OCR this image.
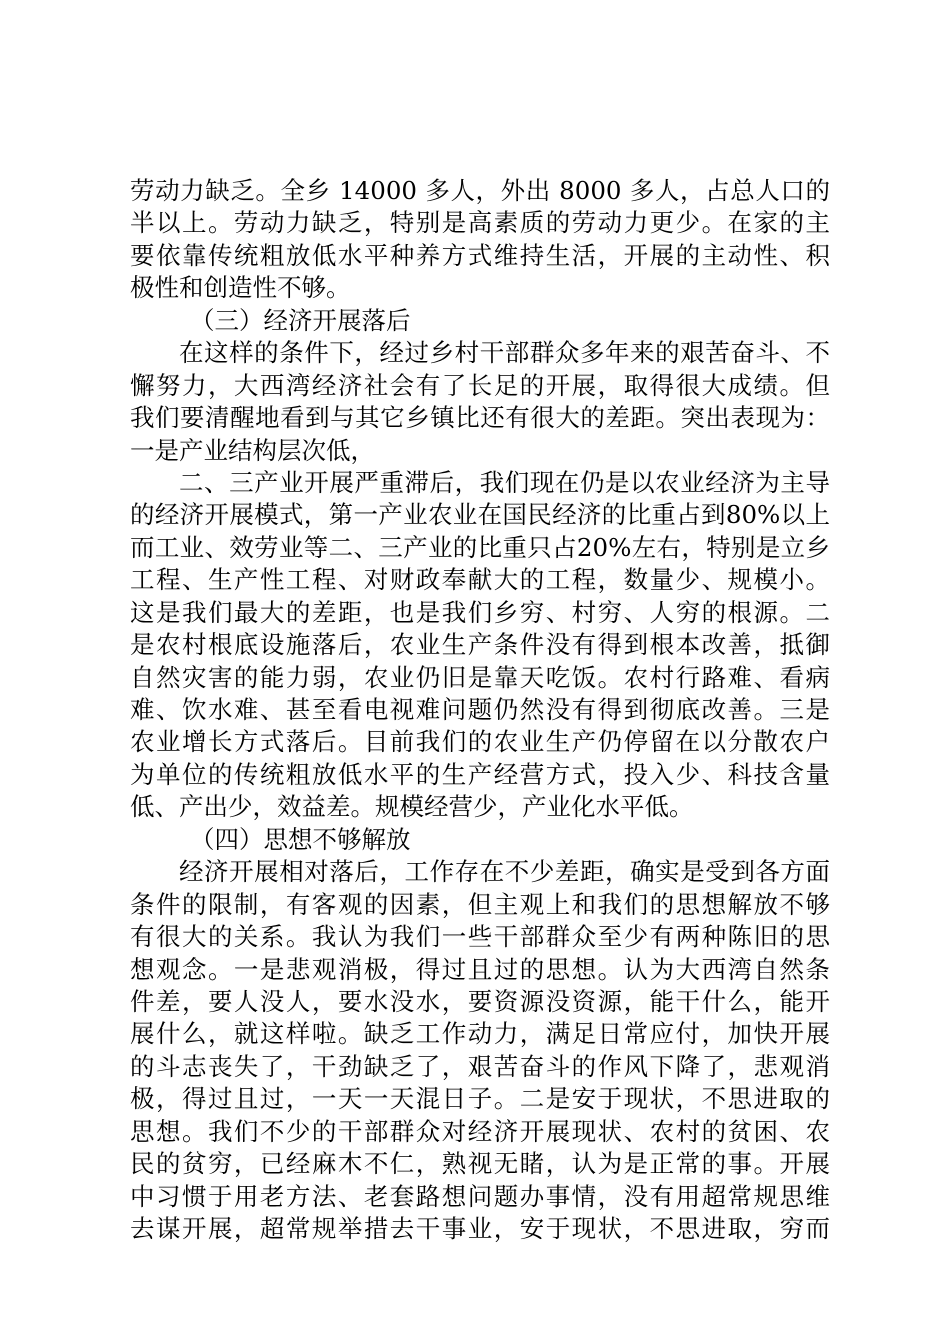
劳动力缺乏。全乡 14000 多人，外出 8000 多人，占总人口的
半以上。劳动力缺乏，特别是高素质的劳动力更少。在家的主
要依靠传统粗放低水平种养方式维持生活，开展的主动性、积
极性和创造性不够。
（三）经济开展落后
在这样的条件下，经过乡村干部群众多年来的艰苦奋斗、不
懈努力，大西湾经济社会有了长足的开展，取得很大成绩。但
我们要清醒地看到与其它乡镇比还有很大的差距。突出表现为：
一是产业结构层次低，
二、三产业开展严重滞后，我们现在仍是以农业经济为主导
的经济开展模式，第一产业农业在国民经济的比重占到80%以上
而工业、效劳业等二、三产业的比重只占20%左右，特别是立乡
工程、生产性工程、对财政奉献大的工程，数量少、规模小。
这是我们最大的差距，也是我们乡穷、村穷、人穷的根源。二
是农村根底设施落后，农业生产条件没有得到根本改善，抵御
自然灾害的能力弱，农业仍旧是靠天吃饭。农村行路难、看病
难、饮水难、甚至看电视难问题仍然没有得到彻底改善。三是
农业增长方式落后。目前我们的农业生产仍停留在以分散农户
为单位的传统粗放低水平的生产经营方式，投入少、科技含量
低、产出少，效益差。规模经营少，产业化水平低。
（四）思想不够解放
经济开展相对落后，工作存在不少差距，确实是受到各方面
条件的限制，有客观的因素，但主观上和我们的思想解放不够
有很大的关系。我认为我们一些干部群众至少有两种陈旧的思
想观念。一是悲观消极，得过且过的思想。认为大西湾自然条
件差，要人没人，要水没水，要资源没资源，能干什么，能开
展什么，就这样啦。缺乏工作动力，满足日常应付，加快开展
的斗志丧失了，干劲缺乏了，艰苦奋斗的作风下降了，悲观消
极，得过且过，一天一天混日子。二是安于现状，不思进取的
思想。我们不少的干部群众对经济开展现状、农村的贫困、农
民的贫穷，已经麻木不仁，熟视无睹，认为是正常的事。开展
中习惯于用老方法、老套路想问题办事情，没有用超常规思维
去谋开展，超常规举措去干事业，安于现状，不思进取，穷而
